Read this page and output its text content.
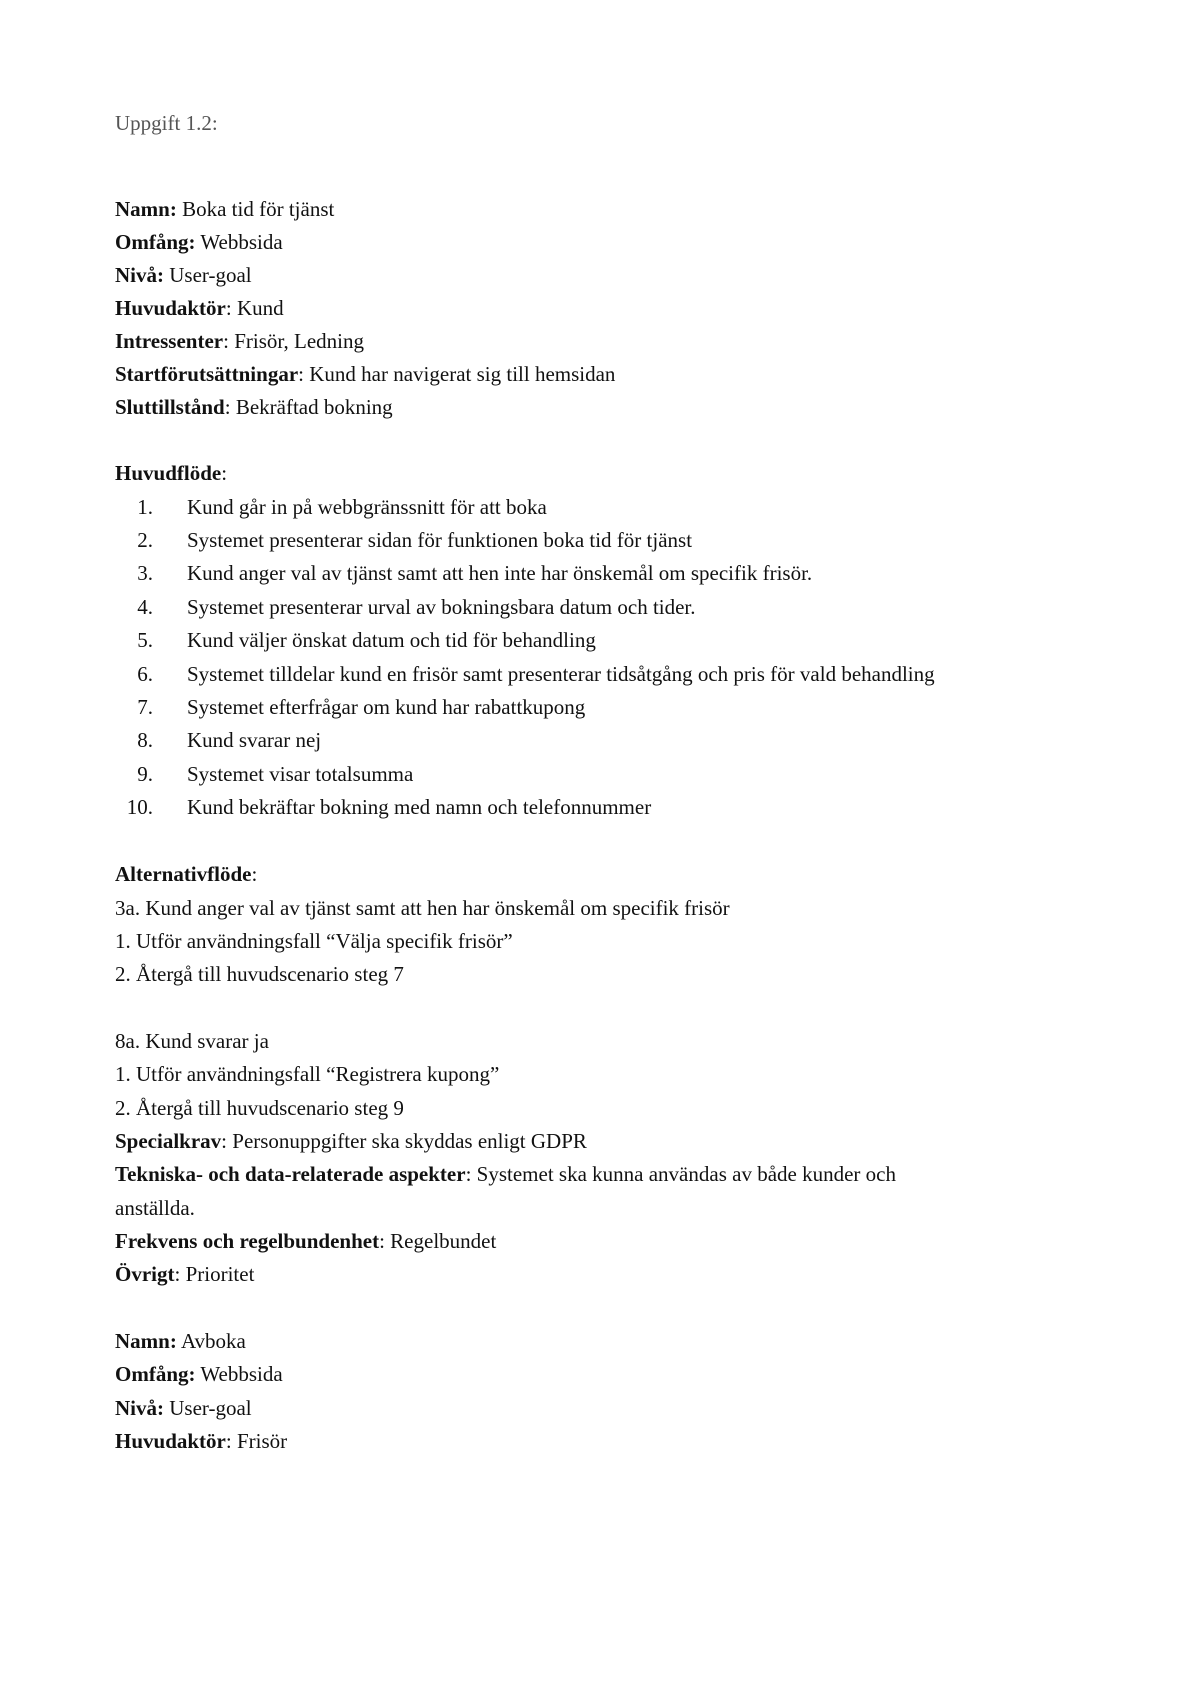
Uppgift 1.2:
Namn: Boka tid för tjänst
Omfång: Webbsida
Nivå: User-goal
Huvudaktör: Kund
Intressenter: Frisör, Ledning
Startförutsättningar: Kund har navigerat sig till hemsidan
Sluttillstånd: Bekräftad bokning
Huvudflöde:
1. Kund går in på webbgränssnitt för att boka
2. Systemet presenterar sidan för funktionen boka tid för tjänst
3. Kund anger val av tjänst samt att hen inte har önskemål om specifik frisör.
4. Systemet presenterar urval av bokningsbara datum och tider.
5. Kund väljer önskat datum och tid för behandling
6. Systemet tilldelar kund en frisör samt presenterar tidsåtgång och pris för vald behandling
7. Systemet efterfrågar om kund har rabattkupong
8. Kund svarar nej
9. Systemet visar totalsumma
10. Kund bekräftar bokning med namn och telefonnummer
Alternativflöde:
3a. Kund anger val av tjänst samt att hen har önskemål om specifik frisör
1. Utför användningsfall “Välja specifik frisör”
2. Återgå till huvudscenario steg 7
8a. Kund svarar ja
1. Utför användningsfall “Registrera kupong”
2. Återgå till huvudscenario steg 9
Specialkrav: Personuppgifter ska skyddas enligt GDPR
Tekniska- och data-relaterade aspekter: Systemet ska kunna användas av både kunder och
anställda.
Frekvens och regelbundenhet: Regelbundet
Övrigt: Prioritet
Namn: Avboka
Omfång: Webbsida
Nivå: User-goal
Huvudaktör: Frisör
